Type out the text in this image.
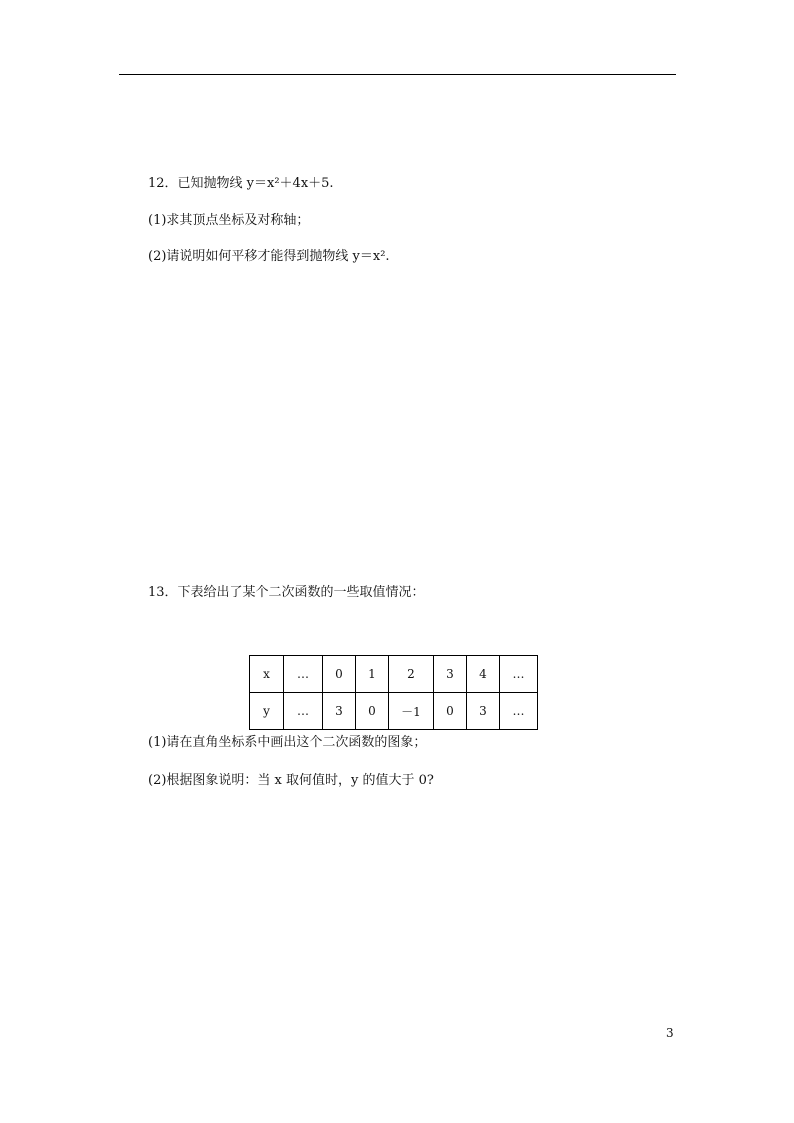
12．已知抛物线 y＝x²＋4x＋5.
(1)求其顶点坐标及对称轴；
(2)请说明如何平移才能得到抛物线 y＝x².
13．下表给出了某个二次函数的一些取值情况：
x	…	0	1	2	3	4	…
y	…	3	0	－1	0	3	…
(1)请在直角坐标系中画出这个二次函数的图象；
(2)根据图象说明：当 x 取何值时，y 的值大于 0?
3
